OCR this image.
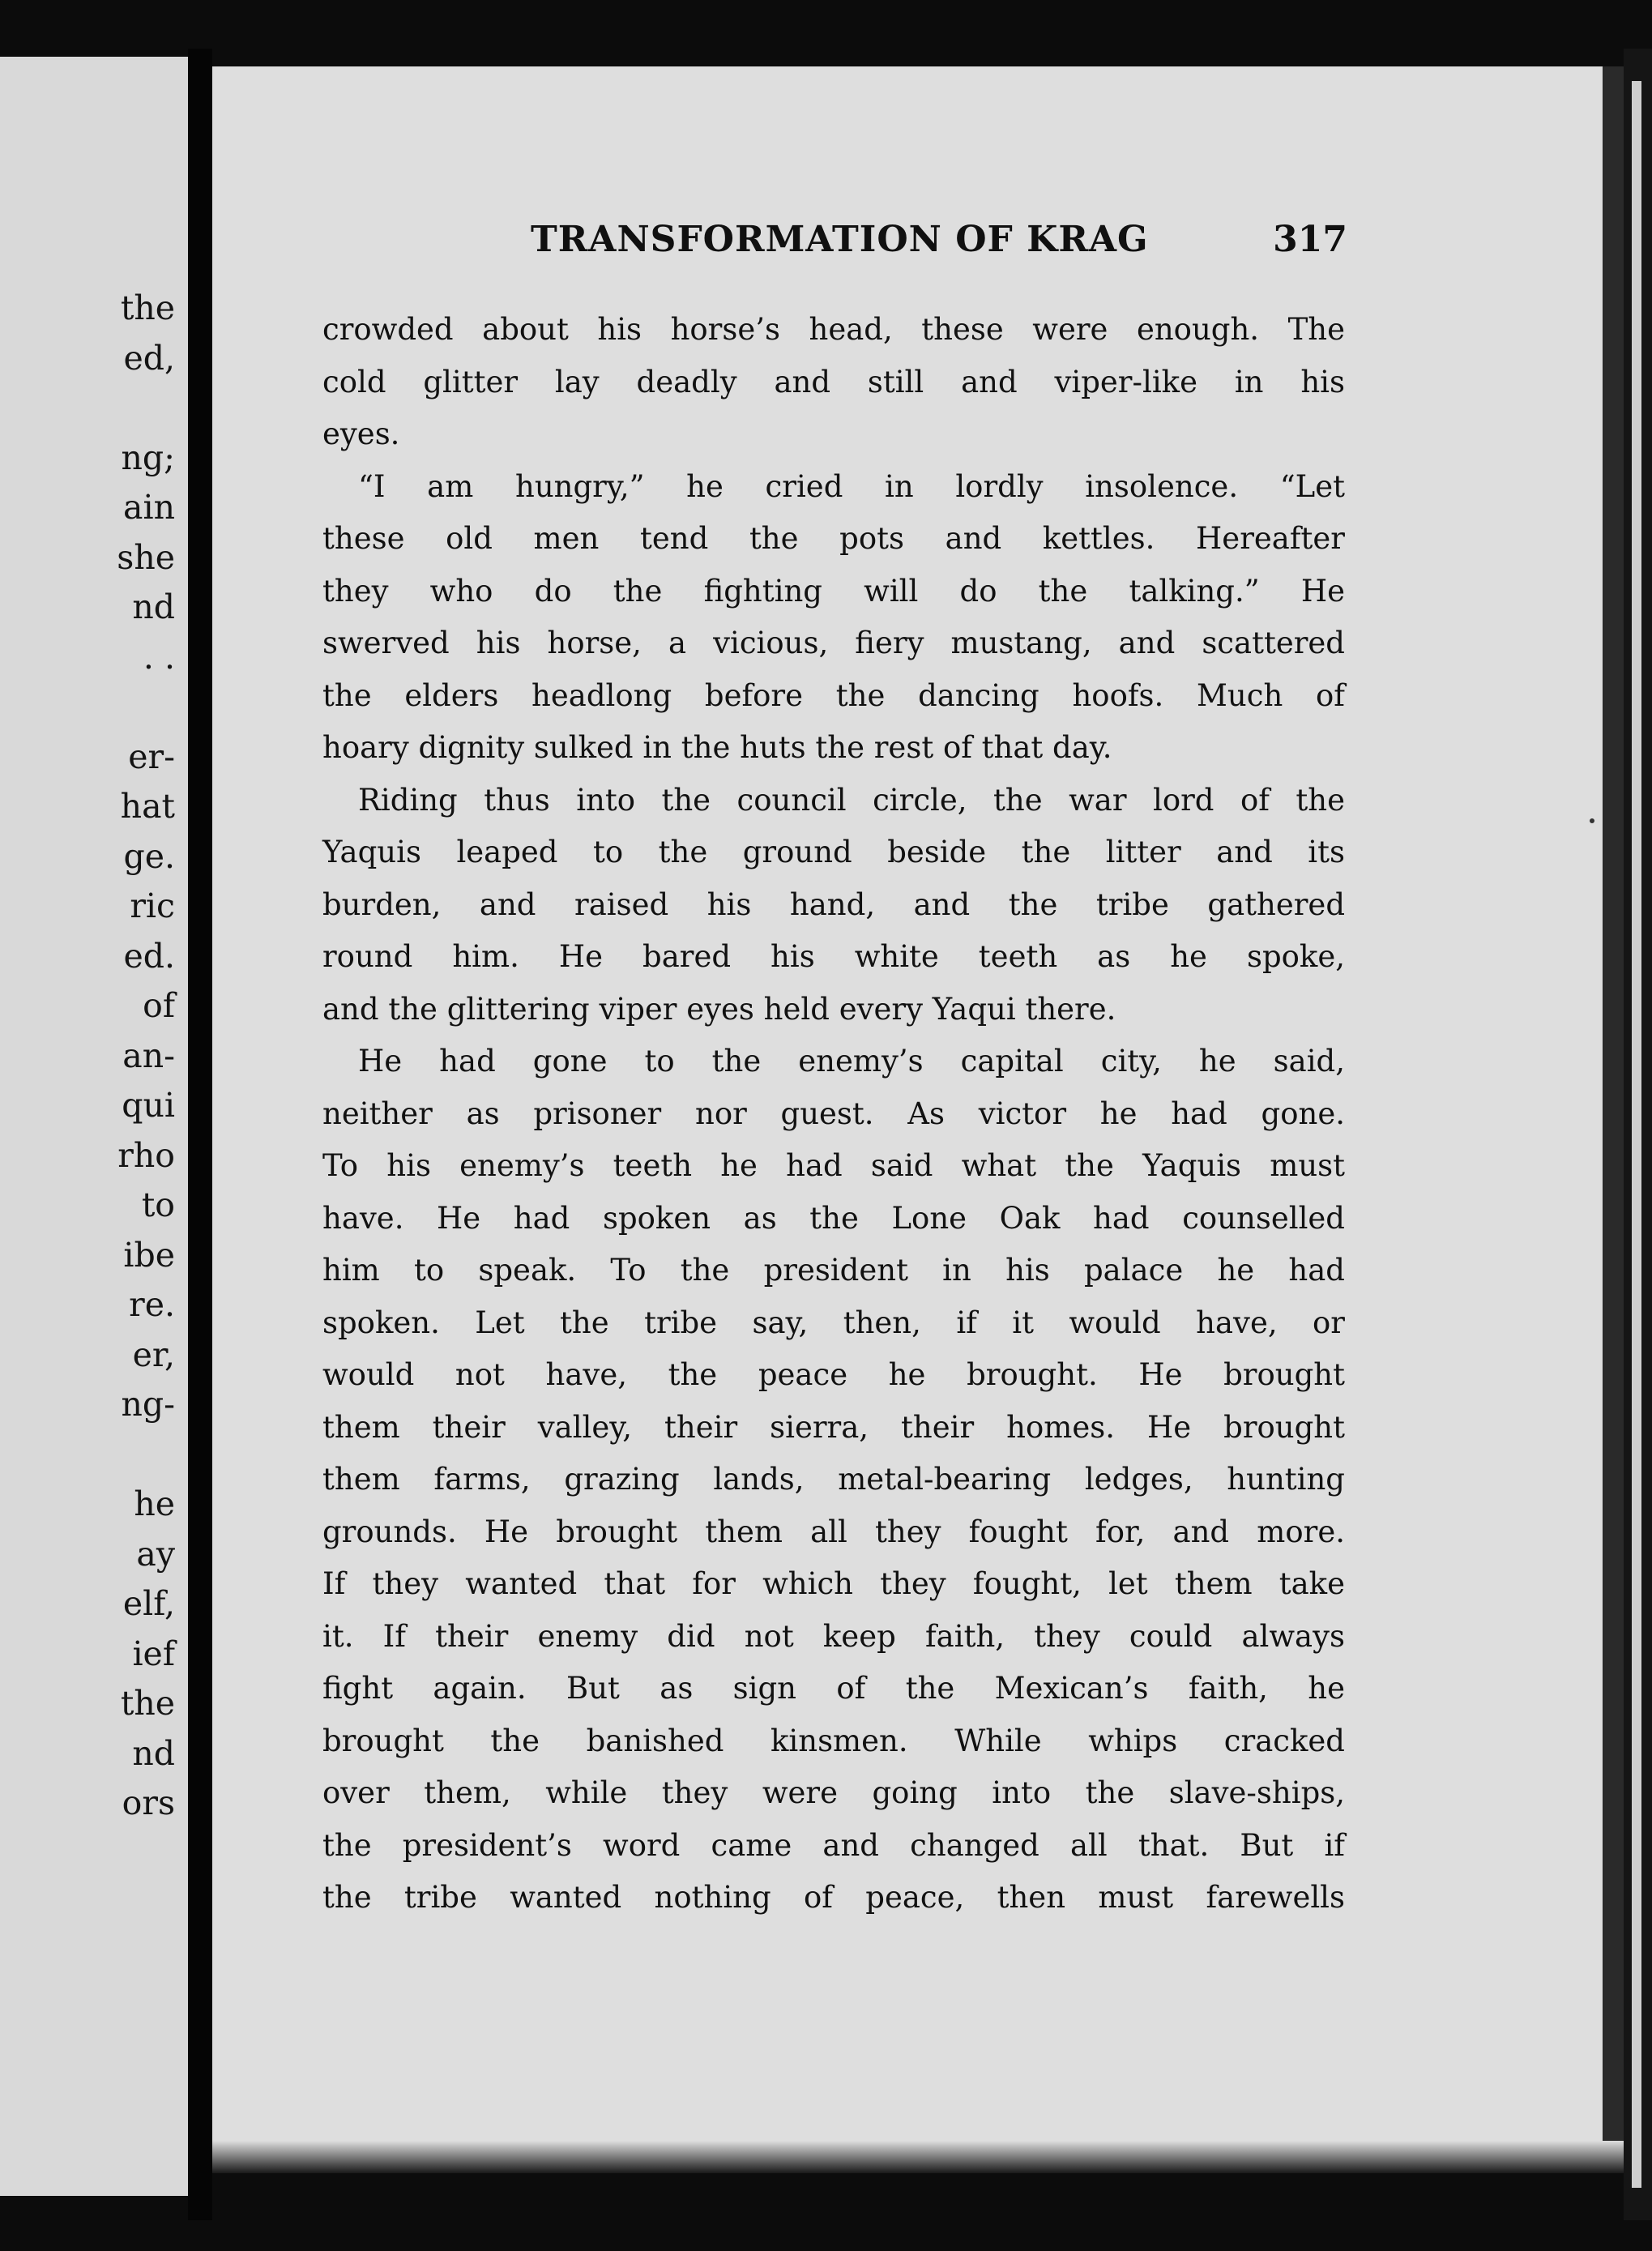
the
ed,
ng;
ain
she
nd
. .
er-
hat
ge.
ric
ed.
of
an-
qui
rho
to
ibe
re.
er,
ng-
he
ay
elf,
ief
the
nd
ors
TRANSFORMATION OF KRAG	317
crowded about his horse’s head, these were enough. The
cold glitter lay deadly and still and viper-like in his
eyes.
“I am hungry,” he cried in lordly insolence. “Let
these old men tend the pots and kettles. Hereafter
they who do the fighting will do the talking.” He
swerved his horse, a vicious, fiery mustang, and scattered
the elders headlong before the dancing hoofs. Much of
hoary dignity sulked in the huts the rest of that day.
Riding thus into the council circle, the war lord of the
Yaquis leaped to the ground beside the litter and its
burden, and raised his hand, and the tribe gathered
round him. He bared his white teeth as he spoke,
and the glittering viper eyes held every Yaqui there.
He had gone to the enemy’s capital city, he said,
neither as prisoner nor guest. As victor he had gone.
To his enemy’s teeth he had said what the Yaquis must
have. He had spoken as the Lone Oak had counselled
him to speak. To the president in his palace he had
spoken. Let the tribe say, then, if it would have, or
would not have, the peace he brought. He brought
them their valley, their sierra, their homes. He brought
them farms, grazing lands, metal-bearing ledges, hunting
grounds. He brought them all they fought for, and more.
If they wanted that for which they fought, let them take
it. If their enemy did not keep faith, they could always
fight again. But as sign of the Mexican’s faith, he
brought the banished kinsmen. While whips cracked
over them, while they were going into the slave-ships,
the president’s word came and changed all that. But if
the tribe wanted nothing of peace, then must farewells
